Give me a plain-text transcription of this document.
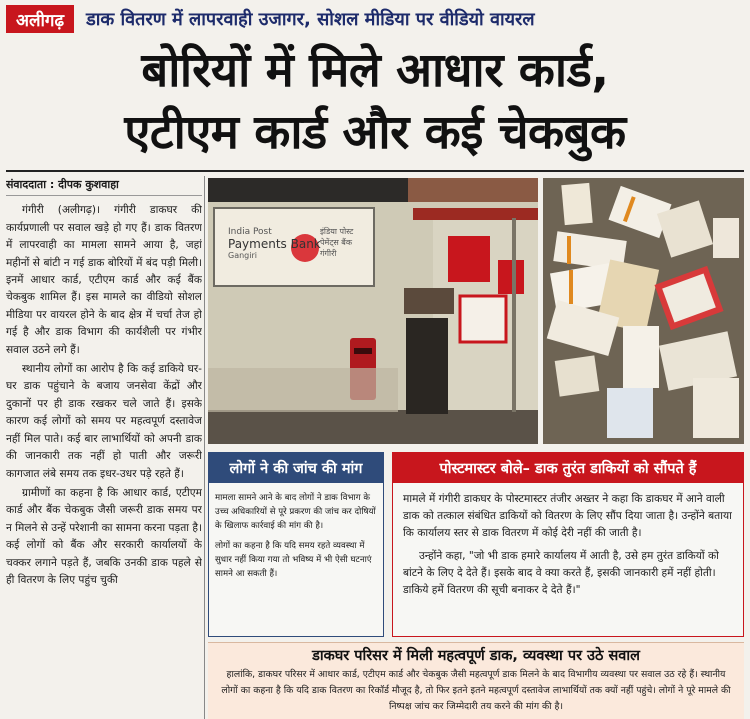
अलीगढ़	डाक वितरण में लापरवाही उजागर, सोशल मीडिया पर वीडियो वायरल
बोरियों में मिले आधार कार्ड,
एटीएम कार्ड और कई चेकबुक
संवाददाता : दीपक कुशवाहा

गंगीरी (अलीगढ़)। गंगीरी डाकघर की कार्यप्रणाली पर सवाल खड़े हो गए हैं। डाक वितरण में लापरवाही का मामला सामने आया है, जहां महीनों से बांटी न गई डाक बोरियों में बंद पड़ी मिली। इनमें आधार कार्ड, एटीएम कार्ड और कई बैंक चेकबुक शामिल हैं। इस मामले का वीडियो सोशल मीडिया पर वायरल होने के बाद क्षेत्र में चर्चा तेज हो गई है और डाक विभाग की कार्यशैली पर गंभीर सवाल उठने लगे हैं।

स्थानीय लोगों का आरोप है कि कई डाकिये घर-घर डाक पहुंचाने के बजाय जनसेवा केंद्रों और दुकानों पर ही डाक रखकर चले जाते हैं। इसके कारण कई लोगों को समय पर महत्वपूर्ण दस्तावेज नहीं मिल पाते। कई बार लाभार्थियों को अपनी डाक की जानकारी तक नहीं हो पाती और जरूरी कागजात लंबे समय तक इधर-उधर पड़े रहते हैं।

ग्रामीणों का कहना है कि आधार कार्ड, एटीएम कार्ड और बैंक चेकबुक जैसी जरूरी डाक समय पर न मिलने से उन्हें परेशानी का सामना करना पड़ता है। कई लोगों को बैंक और सरकारी कार्यालयों के चक्कर लगाने पड़ते हैं, जबकि उनकी डाक पहले से ही वितरण के लिए पहुंच चुकी

India Post
Payments Bank
Gangiri
इंडिया पोस्ट
पेमेंट्स बैंक
गंगीरी
लोगों ने की जांच की मांग

मामला सामने आने के बाद लोगों ने डाक विभाग के उच्च अधिकारियों से पूरे प्रकरण की जांच कर दोषियों के खिलाफ कार्रवाई की मांग की है।

लोगों का कहना है कि यदि समय रहते व्यवस्था में सुधार नहीं किया गया तो भविष्य में भी ऐसी घटनाएं सामने आ सकती हैं।

पोस्टमास्टर बोले– डाक तुरंत डाकियों को सौंपते हैं

मामले में गंगीरी डाकघर के पोस्टमास्टर तंजीर अख्तर ने कहा कि डाकघर में आने वाली डाक को तत्काल संबंधित डाकियों को वितरण के लिए सौंप दिया जाता है। उन्होंने बताया कि कार्यालय स्तर से डाक वितरण में कोई देरी नहीं की जाती है।

उन्होंने कहा, "जो भी डाक हमारे कार्यालय में आती है, उसे हम तुरंत डाकियों को बांटने के लिए दे देते हैं। इसके बाद वे क्या करते हैं, इसकी जानकारी हमें नहीं होती। डाकिये हमें वितरण की सूची बनाकर दे देते हैं।"

डाकघर परिसर में मिली महत्वपूर्ण डाक, व्यवस्था पर उठे सवाल
हालांकि, डाकघर परिसर में आधार कार्ड, एटीएम कार्ड और चेकबुक जैसी महत्वपूर्ण डाक मिलने के बाद विभागीय व्यवस्था पर सवाल उठ रहे हैं। स्थानीय लोगों का कहना है कि यदि डाक वितरण का रिकॉर्ड मौजूद है, तो फिर इतने इतने महत्वपूर्ण दस्तावेज लाभार्थियों तक क्यों नहीं पहुंचे। लोगों ने पूरे मामले की निष्पक्ष जांच कर जिम्मेदारी तय करने की मांग की है।
